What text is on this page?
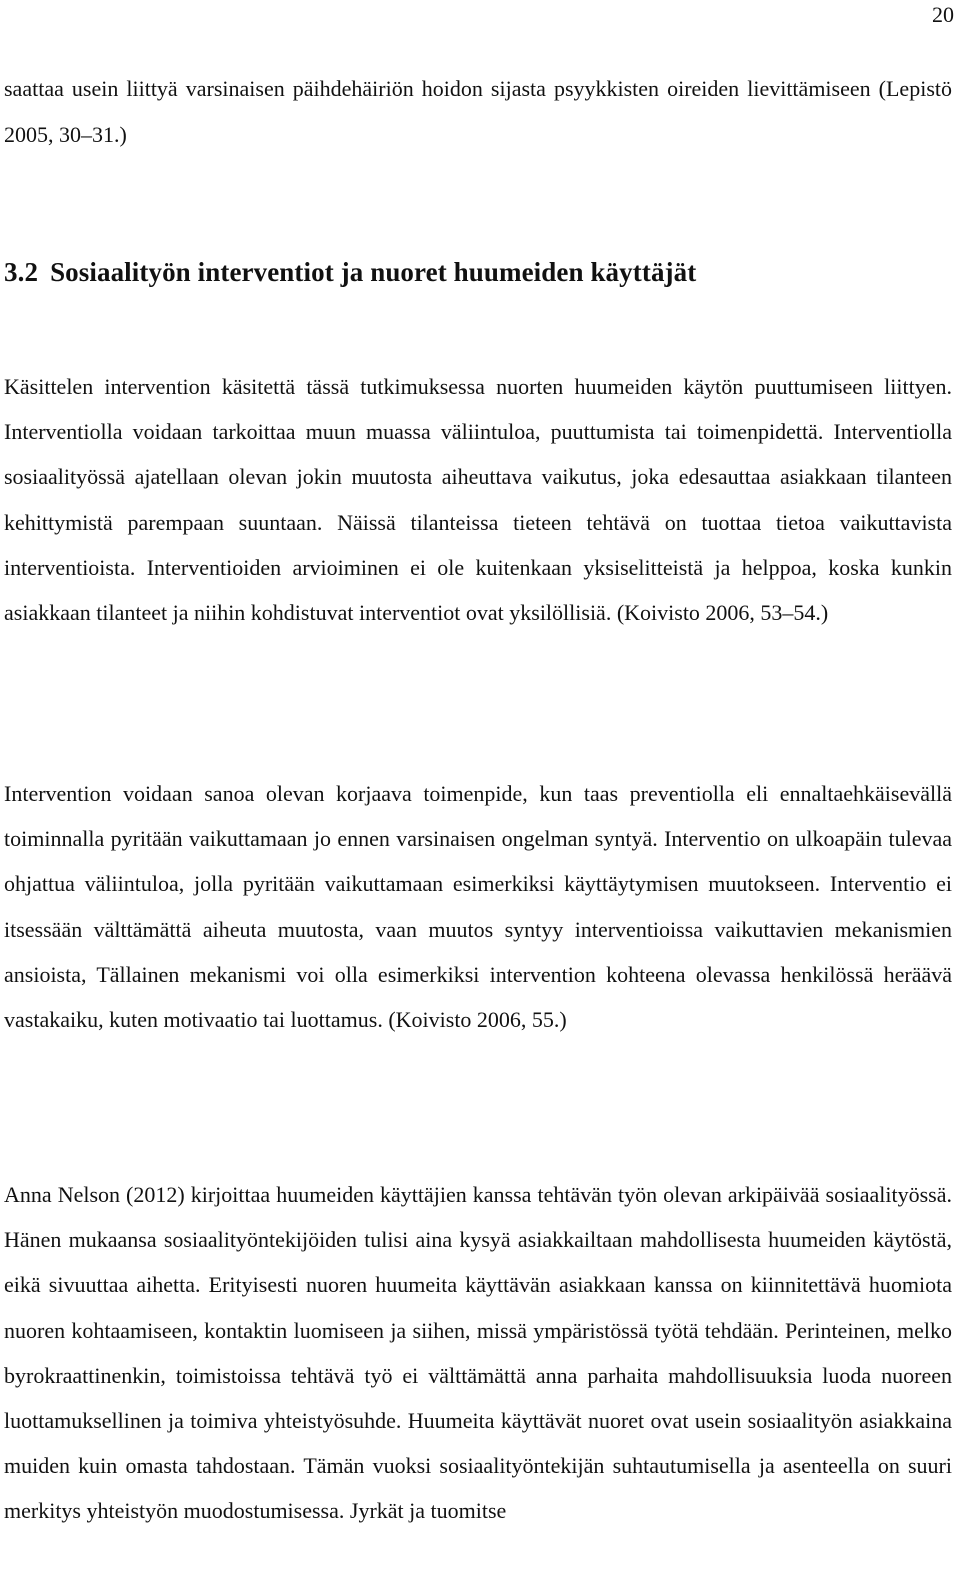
20

saattaa usein liittyä varsinaisen päihdehäiriön hoidon sijasta psyykkisten oireiden lievittämiseen (Lepistö 2005, 30–31.)

3.2 Sosiaalityön interventiot ja nuoret huumeiden käyttäjät

Käsittelen intervention käsitettä tässä tutkimuksessa nuorten huumeiden käytön puuttumiseen liittyen. Interventiolla voidaan tarkoittaa muun muassa väliintuloa, puuttumista tai toimenpidettä. Interventiolla sosiaalityössä ajatellaan olevan jokin muutosta aiheuttava vaikutus, joka edesauttaa asiakkaan tilanteen kehittymistä parempaan suuntaan. Näissä tilanteissa tieteen tehtävä on tuottaa tietoa vaikuttavista interventioista. Interventioiden arvioiminen ei ole kuitenkaan yksiselitteistä ja helppoa, koska kunkin asiakkaan tilanteet ja niihin kohdistuvat interventiot ovat yksilöllisiä. (Koivisto 2006, 53–54.)

Intervention voidaan sanoa olevan korjaava toimenpide, kun taas preventiolla eli ennaltaehkäisevällä toiminnalla pyritään vaikuttamaan jo ennen varsinaisen ongelman syntyä. Interventio on ulkoapäin tulevaa ohjattua väliintuloa, jolla pyritään vaikuttamaan esimerkiksi käyttäytymisen muutokseen. Interventio ei itsessään välttämättä aiheuta muutosta, vaan muutos syntyy interventioissa vaikuttavien mekanismien ansioista, Tällainen mekanismi voi olla esimerkiksi intervention kohteena olevassa henkilössä heräävä vastakaiku, kuten motivaatio tai luottamus. (Koivisto 2006, 55.)

Anna Nelson (2012) kirjoittaa huumeiden käyttäjien kanssa tehtävän työn olevan arkipäivää sosiaalityössä. Hänen mukaansa sosiaalityöntekijöiden tulisi aina kysyä asiakkailtaan mahdollisesta huumeiden käytöstä, eikä sivuuttaa aihetta. Erityisesti nuoren huumeita käyttävän asiakkaan kanssa on kiinnitettävä huomiota nuoren kohtaamiseen, kontaktin luomiseen ja siihen, missä ympäristössä työtä tehdään. Perinteinen, melko byrokraattinenkin, toimistoissa tehtävä työ ei välttämättä anna parhaita mahdollisuuksia luoda nuoreen luottamuksellinen ja toimiva yhteistyösuhde. Huumeita käyttävät nuoret ovat usein sosiaalityön asiakkaina muiden kuin omasta tahdostaan. Tämän vuoksi sosiaalityöntekijän suhtautumisella ja asenteella on suuri merkitys yhteistyön muodostumisessa. Jyrkät ja tuomitse
